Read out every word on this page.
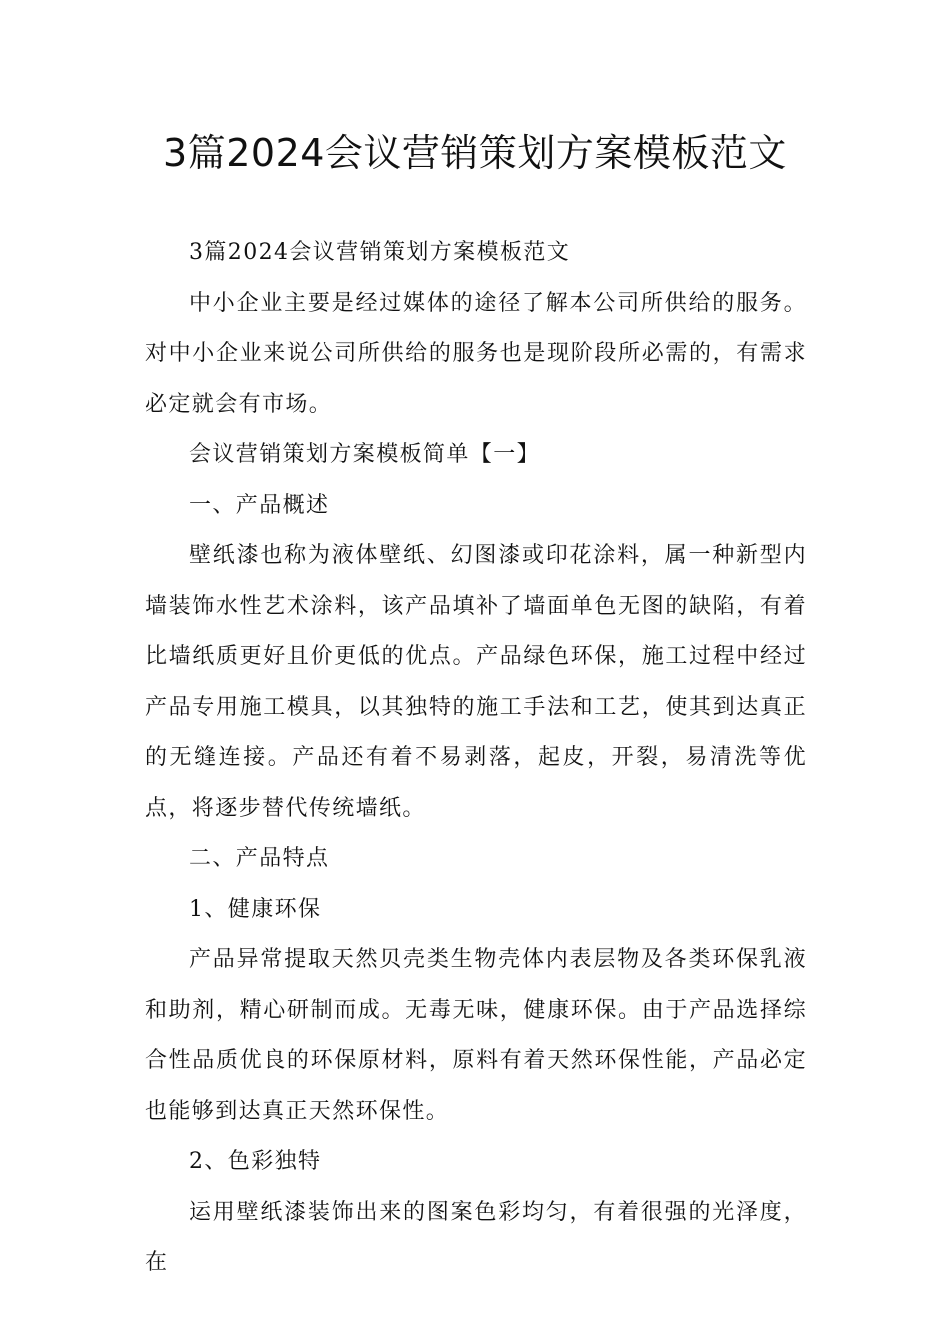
3篇2024会议营销策划方案模板范文

3篇2024会议营销策划方案模板范文

中小企业主要是经过媒体的途径了解本公司所供给的服务。对中小企业来说公司所供给的服务也是现阶段所必需的，有需求必定就会有市场。

会议营销策划方案模板简单【一】

一、产品概述

壁纸漆也称为液体壁纸、幻图漆或印花涂料，属一种新型内墙装饰水性艺术涂料，该产品填补了墙面单色无图的缺陷，有着比墙纸质更好且价更低的优点。产品绿色环保，施工过程中经过产品专用施工模具，以其独特的施工手法和工艺，使其到达真正的无缝连接。产品还有着不易剥落，起皮，开裂，易清洗等优点，将逐步替代传统墙纸。

二、产品特点

1、健康环保

产品异常提取天然贝壳类生物壳体内表层物及各类环保乳液和助剂，精心研制而成。无毒无味，健康环保。由于产品选择综合性品质优良的环保原材料，原料有着天然环保性能，产品必定也能够到达真正天然环保性。

2、色彩独特

运用壁纸漆装饰出来的图案色彩均匀，有着很强的光泽度，在
